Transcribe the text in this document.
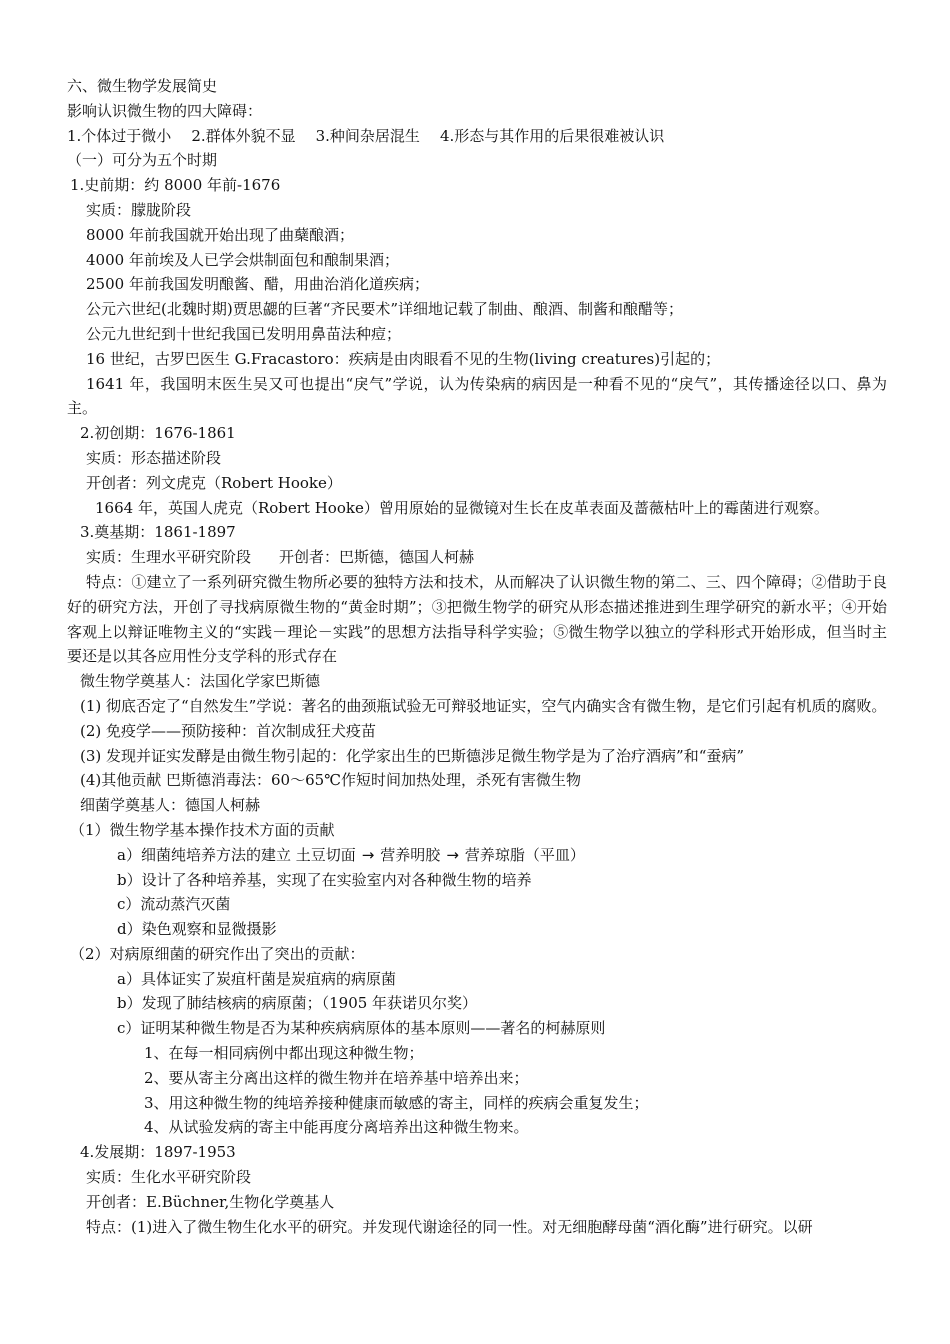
六、微生物学发展简史
影响认识微生物的四大障碍：
1.个体过于微小 2.群体外貌不显 3.种间杂居混生 4.形态与其作用的后果很难被认识
（一）可分为五个时期
1.史前期：约 8000 年前-1676
实质：朦胧阶段
8000 年前我国就开始出现了曲蘖酿酒；
4000 年前埃及人已学会烘制面包和酿制果酒；
2500 年前我国发明酿酱、醋，用曲治消化道疾病；
公元六世纪(北魏时期)贾思勰的巨著“齐民要术”详细地记载了制曲、酿酒、制酱和酿醋等；
公元九世纪到十世纪我国已发明用鼻苗法种痘；
16 世纪，古罗巴医生 G.Fracastoro：疾病是由肉眼看不见的生物(living creatures)引起的；
1641 年，我国明末医生吴又可也提出“戾气”学说，认为传染病的病因是一种看不见的“戾气”，其传播途径以口、鼻为主。
2.初创期：1676-1861
实质：形态描述阶段
开创者：列文虎克（Robert Hooke）
1664 年，英国人虎克（Robert Hooke）曾用原始的显微镜对生长在皮革表面及蔷薇枯叶上的霉菌进行观察。
3.奠基期：1861-1897
实质：生理水平研究阶段 开创者：巴斯德，德国人柯赫
特点：①建立了一系列研究微生物所必要的独特方法和技术，从而解决了认识微生物的第二、三、四个障碍；②借助于良好的研究方法，开创了寻找病原微生物的“黄金时期”；③把微生物学的研究从形态描述推进到生理学研究的新水平；④开始客观上以辩证唯物主义的“实践－理论－实践”的思想方法指导科学实验；⑤微生物学以独立的学科形式开始形成，但当时主要还是以其各应用性分支学科的形式存在
微生物学奠基人：法国化学家巴斯德
(1) 彻底否定了“自然发生”学说：著名的曲颈瓶试验无可辩驳地证实，空气内确实含有微生物，是它们引起有机质的腐败。
(2) 免疫学——预防接种：首次制成狂犬疫苗
(3) 发现并证实发酵是由微生物引起的：化学家出生的巴斯德涉足微生物学是为了治疗酒病”和“蚕病”
(4)其他贡献 巴斯德消毒法：60～65℃作短时间加热处理，杀死有害微生物
细菌学奠基人：德国人柯赫
（1）微生物学基本操作技术方面的贡献
a）细菌纯培养方法的建立 土豆切面 → 营养明胶 → 营养琼脂（平皿）
b）设计了各种培养基，实现了在实验室内对各种微生物的培养
c）流动蒸汽灭菌
d）染色观察和显微摄影
（2）对病原细菌的研究作出了突出的贡献：
a）具体证实了炭疽杆菌是炭疽病的病原菌
b）发现了肺结核病的病原菌；（1905 年获诺贝尔奖）
c）证明某种微生物是否为某种疾病病原体的基本原则——著名的柯赫原则
1、在每一相同病例中都出现这种微生物；
2、要从寄主分离出这样的微生物并在培养基中培养出来；
3、用这种微生物的纯培养接种健康而敏感的寄主，同样的疾病会重复发生；
4、从试验发病的寄主中能再度分离培养出这种微生物来。
4.发展期：1897-1953
实质：生化水平研究阶段
开创者：E.Büchner,生物化学奠基人
特点：(1)进入了微生物生化水平的研究。并发现代谢途径的同一性。对无细胞酵母菌“酒化酶”进行研究。以研
